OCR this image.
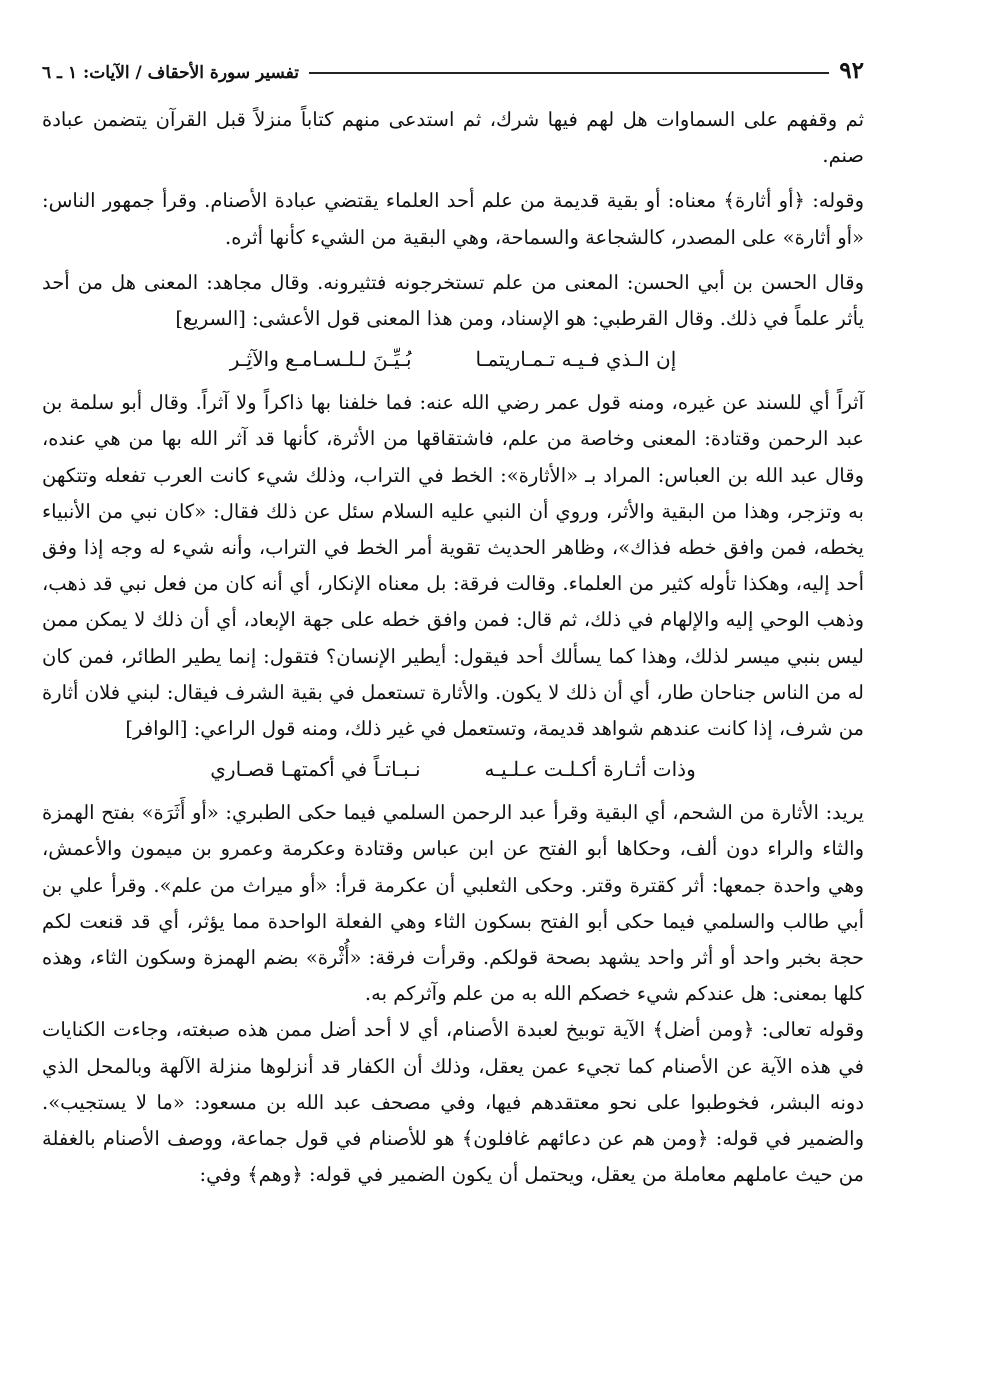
٩٢
تفسير سورة الأحقاف / الآيات: ١ ـ ٦

ثم وقفهم على السماوات هل لهم فيها شرك، ثم استدعى منهم كتاباً منزلاً قبل القرآن يتضمن عبادة صنم.

وقوله: ﴿أو أثارة﴾ معناه: أو بقية قديمة من علم أحد العلماء يقتضي عبادة الأصنام. وقرأ جمهور الناس: «أو أثارة» على المصدر، كالشجاعة والسماحة، وهي البقية من الشيء كأنها أثره.

وقال الحسن بن أبي الحسن: المعنى من علم تستخرجونه فتثيرونه. وقال مجاهد: المعنى هل من أحد يأثر علماً في ذلك. وقال القرطبي: هو الإسناد، ومن هذا المعنى قول الأعشى: [السريع]

إن الـذي فـيـه تـمـاريتمـا
بُـيِّـنَ لـلـسـامـع والآثِـر

آثراً أي للسند عن غيره، ومنه قول عمر رضي الله عنه: فما خلفنا بها ذاكراً ولا آثراً. وقال أبو سلمة بن عبد الرحمن وقتادة: المعنى وخاصة من علم، فاشتقاقها من الأثرة، كأنها قد آثر الله بها من هي عنده، وقال عبد الله بن العباس: المراد بـ «الأثارة»: الخط في التراب، وذلك شيء كانت العرب تفعله وتتكهن به وتزجر، وهذا من البقية والأثر، وروي أن النبي عليه السلام سئل عن ذلك فقال: «كان نبي من الأنبياء يخطه، فمن وافق خطه فذاك»، وظاهر الحديث تقوية أمر الخط في التراب، وأنه شيء له وجه إذا وفق أحد إليه، وهكذا تأوله كثير من العلماء. وقالت فرقة: بل معناه الإنكار، أي أنه كان من فعل نبي قد ذهب، وذهب الوحي إليه والإلهام في ذلك، ثم قال: فمن وافق خطه على جهة الإبعاد، أي أن ذلك لا يمكن ممن ليس بنبي ميسر لذلك، وهذا كما يسألك أحد فيقول: أيطير الإنسان؟ فتقول: إنما يطير الطائر، فمن كان له من الناس جناحان طار، أي أن ذلك لا يكون. والأثارة تستعمل في بقية الشرف فيقال: لبني فلان أثارة من شرف، إذا كانت عندهم شواهد قديمة، وتستعمل في غير ذلك، ومنه قول الراعي: [الوافر]

وذات أثـارة أكـلـت عـلـيـه
نـبـاتـاً في أكمتهـا قصـاري

يريد: الأثارة من الشحم، أي البقية وقرأ عبد الرحمن السلمي فيما حكى الطبري: «أو أَثَرَة» بفتح الهمزة والثاء والراء دون ألف، وحكاها أبو الفتح عن ابن عباس وقتادة وعكرمة وعمرو بن ميمون والأعمش، وهي واحدة جمعها: أثر كقترة وقتر. وحكى الثعلبي أن عكرمة قرأ: «أو ميراث من علم». وقرأ علي بن أبي طالب والسلمي فيما حكى أبو الفتح بسكون الثاء وهي الفعلة الواحدة مما يؤثر، أي قد قنعت لكم حجة بخبر واحد أو أثر واحد يشهد بصحة قولكم. وقرأت فرقة: «أُثْرة» بضم الهمزة وسكون الثاء، وهذه كلها بمعنى: هل عندكم شيء خصكم الله به من علم وآثركم به.

وقوله تعالى: ﴿ومن أضل﴾ الآية توبيخ لعبدة الأصنام، أي لا أحد أضل ممن هذه صبغته، وجاءت الكنايات في هذه الآية عن الأصنام كما تجيء عمن يعقل، وذلك أن الكفار قد أنزلوها منزلة الآلهة وبالمحل الذي دونه البشر، فخوطبوا على نحو معتقدهم فيها، وفي مصحف عبد الله بن مسعود: «ما لا يستجيب». والضمير في قوله: ﴿ومن هم عن دعائهم غافلون﴾ هو للأصنام في قول جماعة، ووصف الأصنام بالغفلة من حيث عاملهم معاملة من يعقل، ويحتمل أن يكون الضمير في قوله: ﴿وهم﴾ وفي:
